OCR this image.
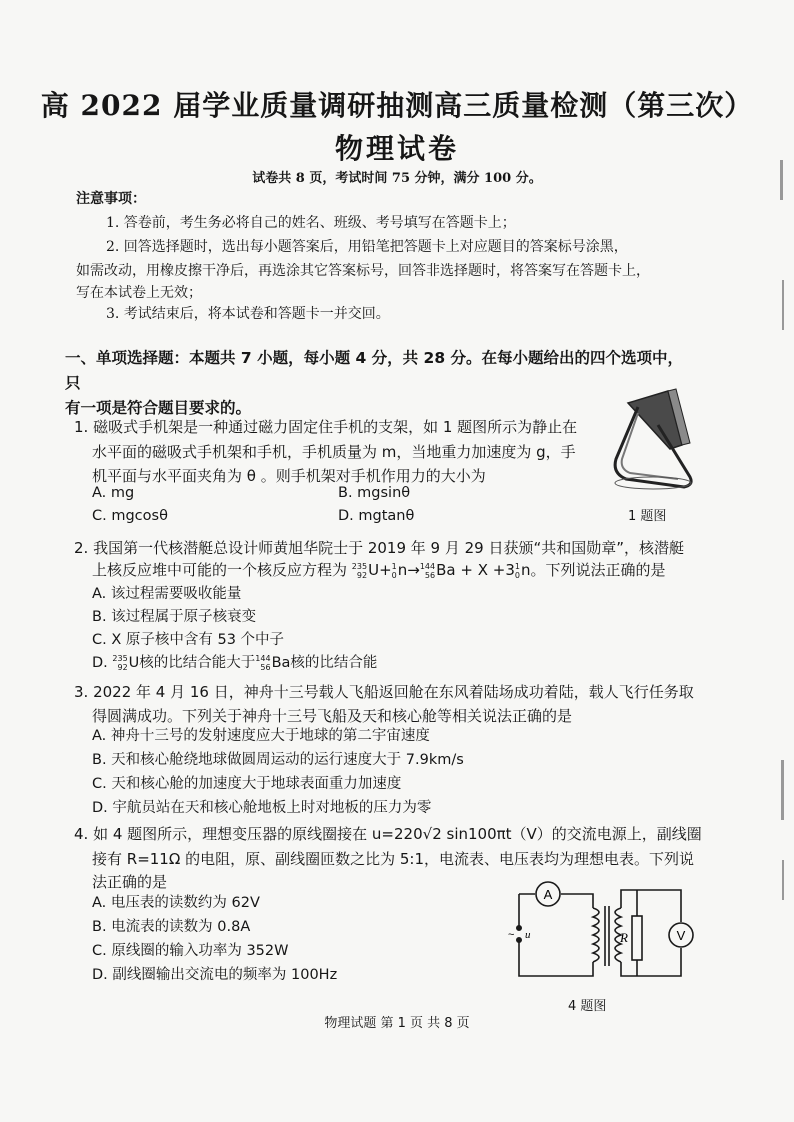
高 2022 届学业质量调研抽测高三质量检测（第三次）
物理试卷
试卷共 8 页，考试时间 75 分钟，满分 100 分。
注意事项：
1. 答卷前，考生务必将自己的姓名、班级、考号填写在答题卡上；
2. 回答选择题时，选出每小题答案后，用铅笔把答题卡上对应题目的答案标号涂黑，
如需改动，用橡皮擦干净后，再选涂其它答案标号，回答非选择题时，将答案写在答题卡上，
写在本试卷上无效；
3. 考试结束后，将本试卷和答题卡一并交回。
一、单项选择题：本题共 7 小题，每小题 4 分，共 28 分。在每小题给出的四个选项中，只
有一项是符合题目要求的。
1. 磁吸式手机架是一种通过磁力固定住手机的支架，如 1 题图所示为静止在
水平面的磁吸式手机架和手机，手机质量为 m，当地重力加速度为 g，手
机平面与水平面夹角为 θ 。则手机架对手机作用力的大小为
A. mg	B. mgsinθ
C. mgcosθ	D. mgtanθ	1 题图
2. 我国第一代核潜艇总设计师黄旭华院士于 2019 年 9 月 29 日获颁“共和国勋章”，核潜艇
上核反应堆中可能的一个核反应方程为 235
92U+1
0n→144
56Ba + X +31
0n。下列说法正确的是
A. 该过程需要吸收能量
B. 该过程属于原子核衰变
C. X 原子核中含有 53 个中子
D. 235
92U核的比结合能大于144
56Ba核的比结合能
3. 2022 年 4 月 16 日，神舟十三号载人飞船返回舱在东风着陆场成功着陆，载人飞行任务取
得圆满成功。下列关于神舟十三号飞船及天和核心舱等相关说法正确的是
A. 神舟十三号的发射速度应大于地球的第二宇宙速度
B. 天和核心舱绕地球做圆周运动的运行速度大于 7.9km/s
C. 天和核心舱的加速度大于地球表面重力加速度
D. 宇航员站在天和核心舱地板上时对地板的压力为零
4. 如 4 题图所示，理想变压器的原线圈接在 u=220√2 sin100πt（V）的交流电源上，副线圈
接有 R=11Ω 的电阻，原、副线圈匝数之比为 5:1，电流表、电压表均为理想电表。下列说
法正确的是
A. 电压表的读数约为 62V
B. 电流表的读数为 0.8A
C. 原线圈的输入功率为 352W
D. 副线圈输出交流电的频率为 100Hz
A
V
R
u
~
4 题图
物理试题 第 1 页 共 8 页
